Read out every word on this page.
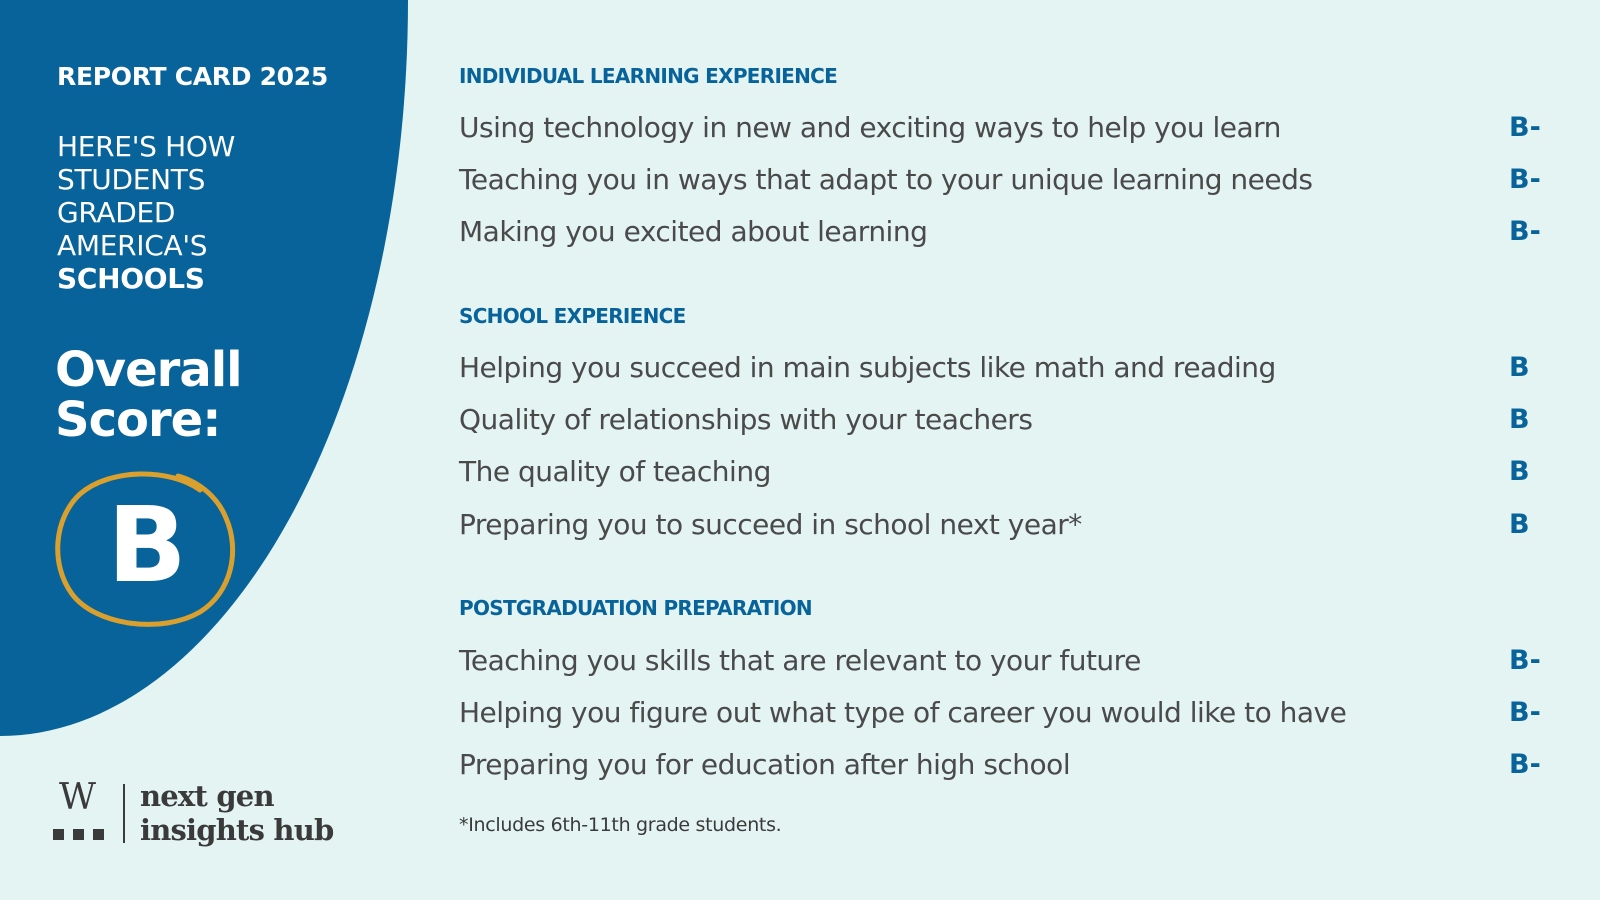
REPORT CARD 2025
HERE'S HOW
STUDENTS
GRADED
AMERICA'S
SCHOOLS
Overall
Score:
B
W next gen
insights hub
INDIVIDUAL LEARNING EXPERIENCE
Using technology in new and exciting ways to help you learn	B-
Teaching you in ways that adapt to your unique learning needs	B-
Making you excited about learning	B-
SCHOOL EXPERIENCE
Helping you succeed in main subjects like math and reading	B
Quality of relationships with your teachers	B
The quality of teaching	B
Preparing you to succeed in school next year*	B
POSTGRADUATION PREPARATION
Teaching you skills that are relevant to your future	B-
Helping you figure out what type of career you would like to have	B-
Preparing you for education after high school	B-

*Includes 6th-11th grade students.
